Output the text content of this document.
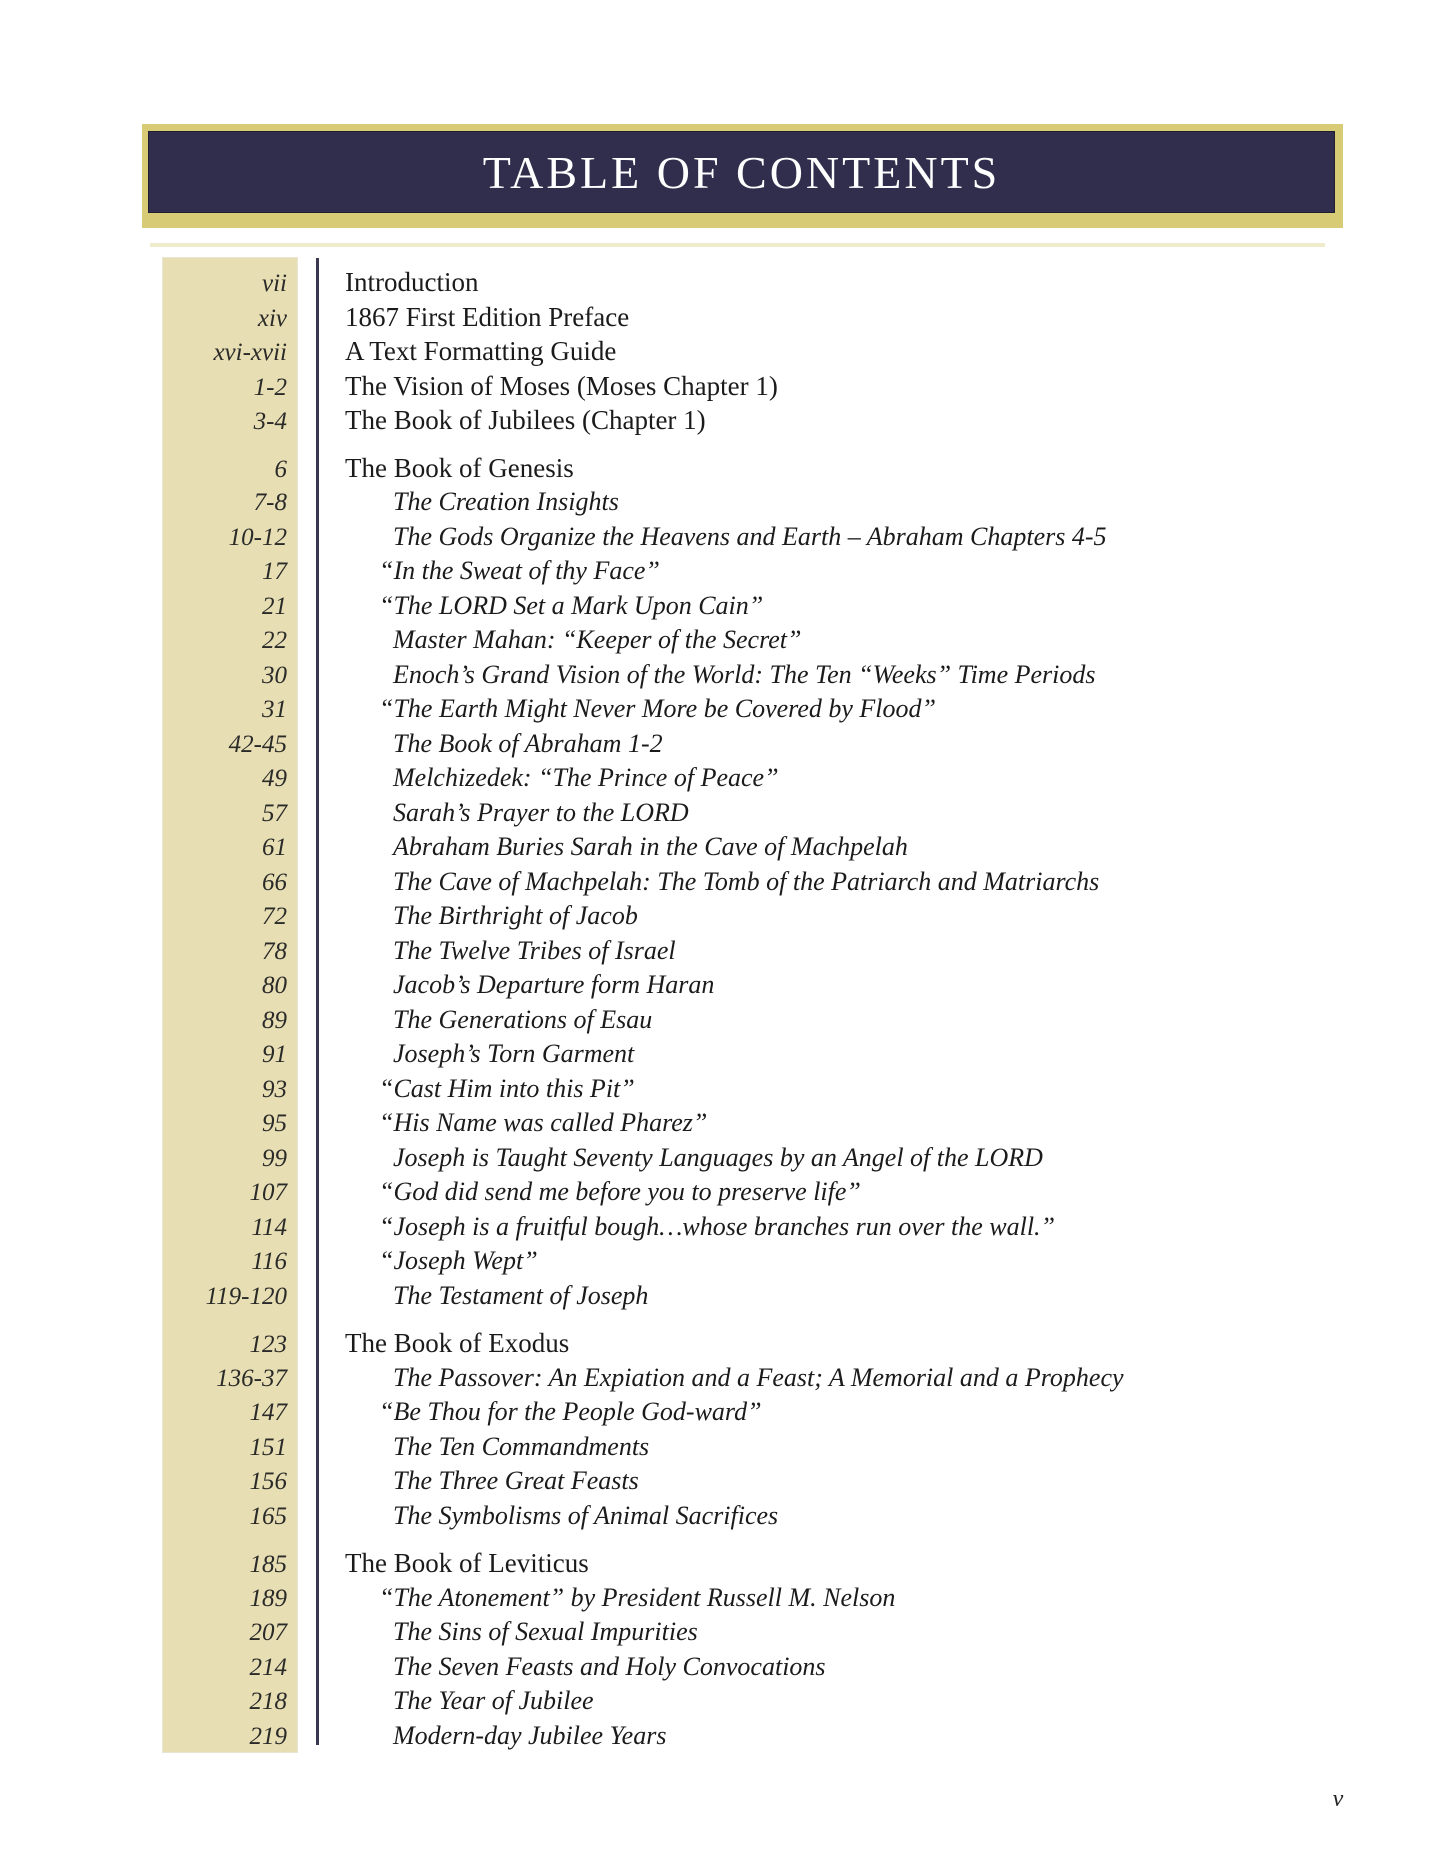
TABLE OF CONTENTS
vii	Introduction
xiv	1867 First Edition Preface
xvi-xvii	A Text Formatting Guide
1-2	The Vision of Moses (Moses Chapter 1)
3-4	The Book of Jubilees (Chapter 1)
6	The Book of Genesis
7-8	The Creation Insights
10-12	The Gods Organize the Heavens and Earth – Abraham Chapters 4-5
17	“In the Sweat of thy Face”
21	“The LORD Set a Mark Upon Cain”
22	Master Mahan: “Keeper of the Secret”
30	Enoch’s Grand Vision of the World: The Ten “Weeks” Time Periods
31	“The Earth Might Never More be Covered by Flood”
42-45	The Book of Abraham 1-2
49	Melchizedek: “The Prince of Peace”
57	Sarah’s Prayer to the LORD
61	Abraham Buries Sarah in the Cave of Machpelah
66	The Cave of Machpelah: The Tomb of the Patriarch and Matriarchs
72	The Birthright of Jacob
78	The Twelve Tribes of Israel
80	Jacob’s Departure form Haran
89	The Generations of Esau
91	Joseph’s Torn Garment
93	“Cast Him into this Pit”
95	“His Name was called Pharez”
99	Joseph is Taught Seventy Languages by an Angel of the LORD
107	“God did send me before you to preserve life”
114	“Joseph is a fruitful bough…whose branches run over the wall.”
116	“Joseph Wept”
119-120	The Testament of Joseph
123	The Book of Exodus
136-37	The Passover: An Expiation and a Feast; A Memorial and a Prophecy
147	“Be Thou for the People God-ward”
151	The Ten Commandments
156	The Three Great Feasts
165	The Symbolisms of Animal Sacrifices
185	The Book of Leviticus
189	“The Atonement” by President Russell M. Nelson
207	The Sins of Sexual Impurities
214	The Seven Feasts and Holy Convocations
218	The Year of Jubilee
219	Modern-day Jubilee Years
v
